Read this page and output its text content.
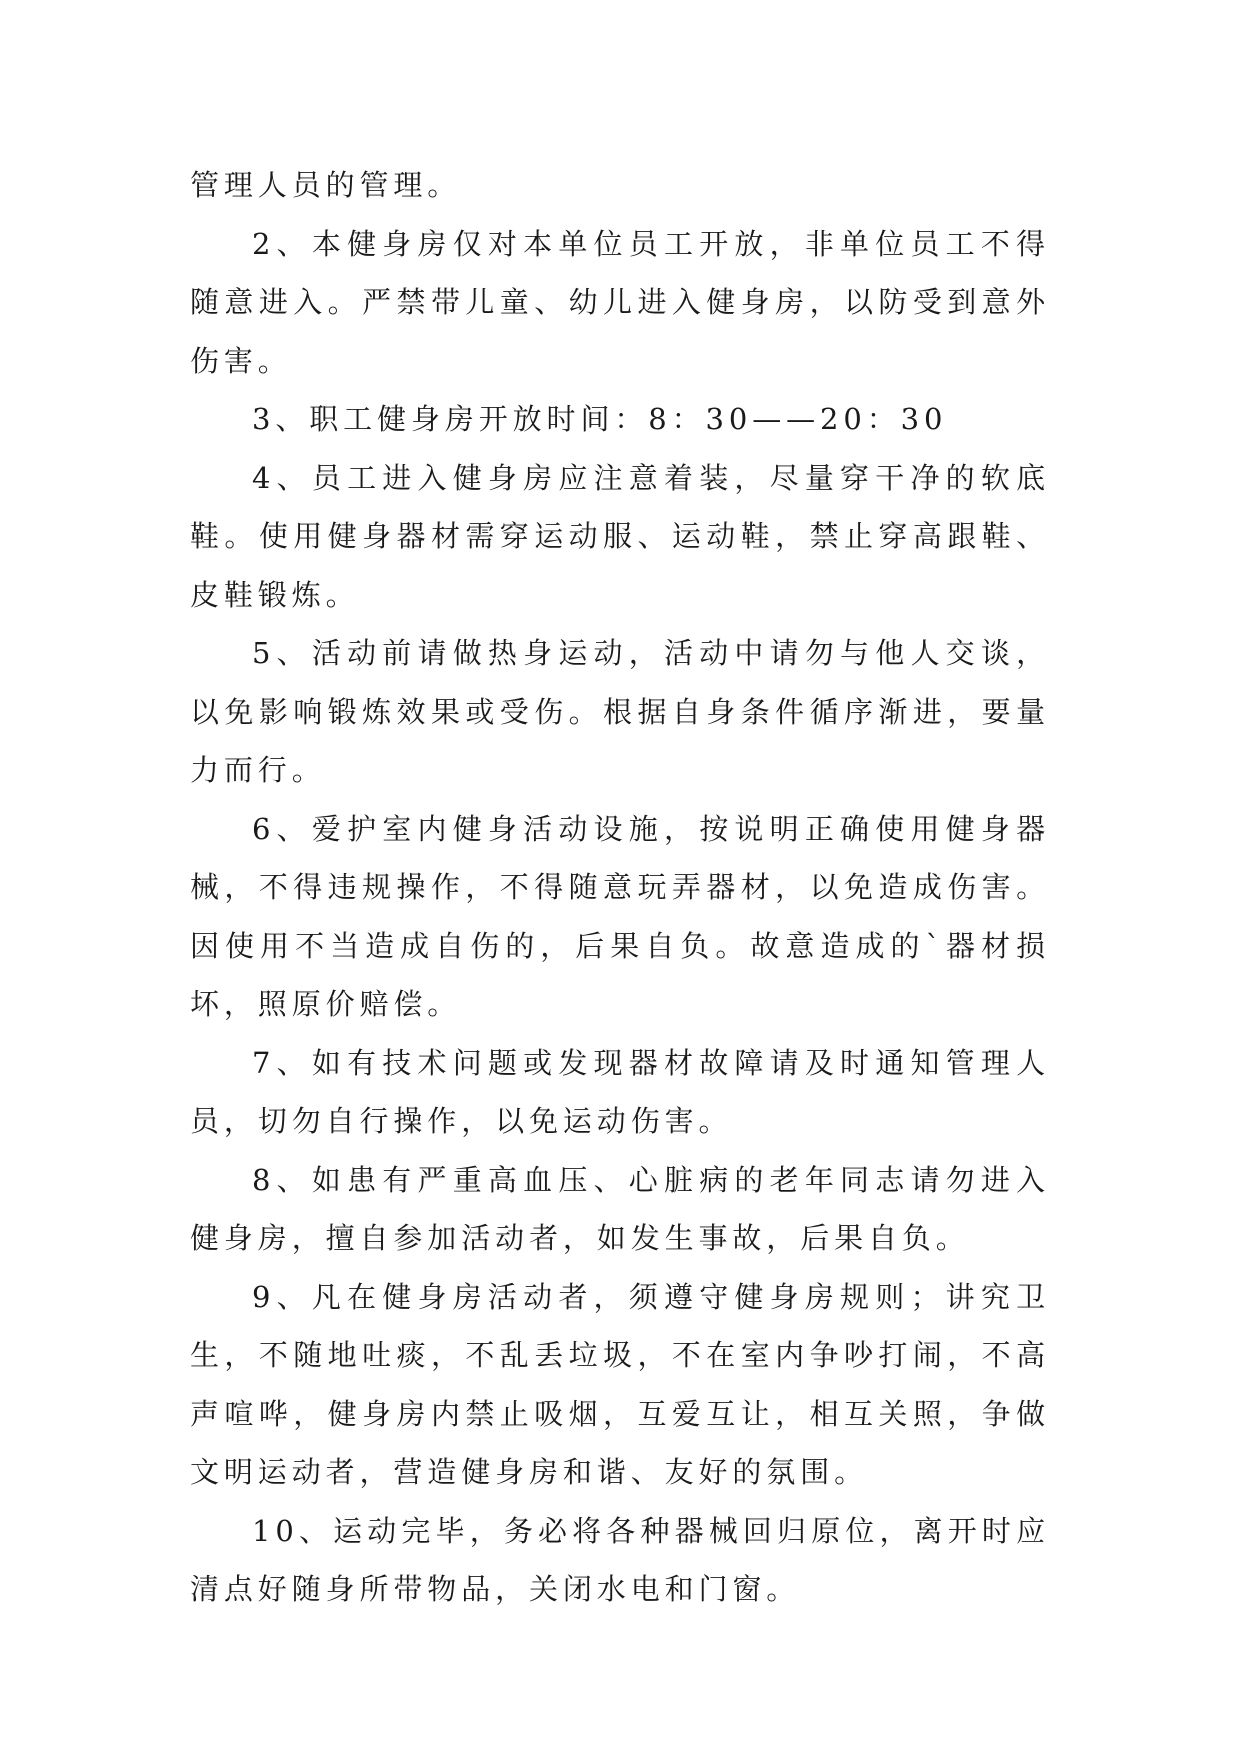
管理人员的管理。

2、本健身房仅对本单位员工开放，非单位员工不得随意进入。严禁带儿童、幼儿进入健身房，以防受到意外伤害。

3、职工健身房开放时间：8：30——20：30

4、员工进入健身房应注意着装，尽量穿干净的软底鞋。使用健身器材需穿运动服、运动鞋，禁止穿高跟鞋、皮鞋锻炼。

5、活动前请做热身运动，活动中请勿与他人交谈，以免影响锻炼效果或受伤。根据自身条件循序渐进，要量力而行。

6、爱护室内健身活动设施，按说明正确使用健身器械，不得违规操作，不得随意玩弄器材，以免造成伤害。因使用不当造成自伤的，后果自负。故意造成的`器材损坏，照原价赔偿。

7、如有技术问题或发现器材故障请及时通知管理人员，切勿自行操作，以免运动伤害。

8、如患有严重高血压、心脏病的老年同志请勿进入健身房，擅自参加活动者，如发生事故，后果自负。

9、凡在健身房活动者，须遵守健身房规则；讲究卫生，不随地吐痰，不乱丢垃圾，不在室内争吵打闹，不高声喧哗，健身房内禁止吸烟，互爱互让，相互关照，争做文明运动者，营造健身房和谐、友好的氛围。

10、运动完毕，务必将各种器械回归原位，离开时应清点好随身所带物品，关闭水电和门窗。
